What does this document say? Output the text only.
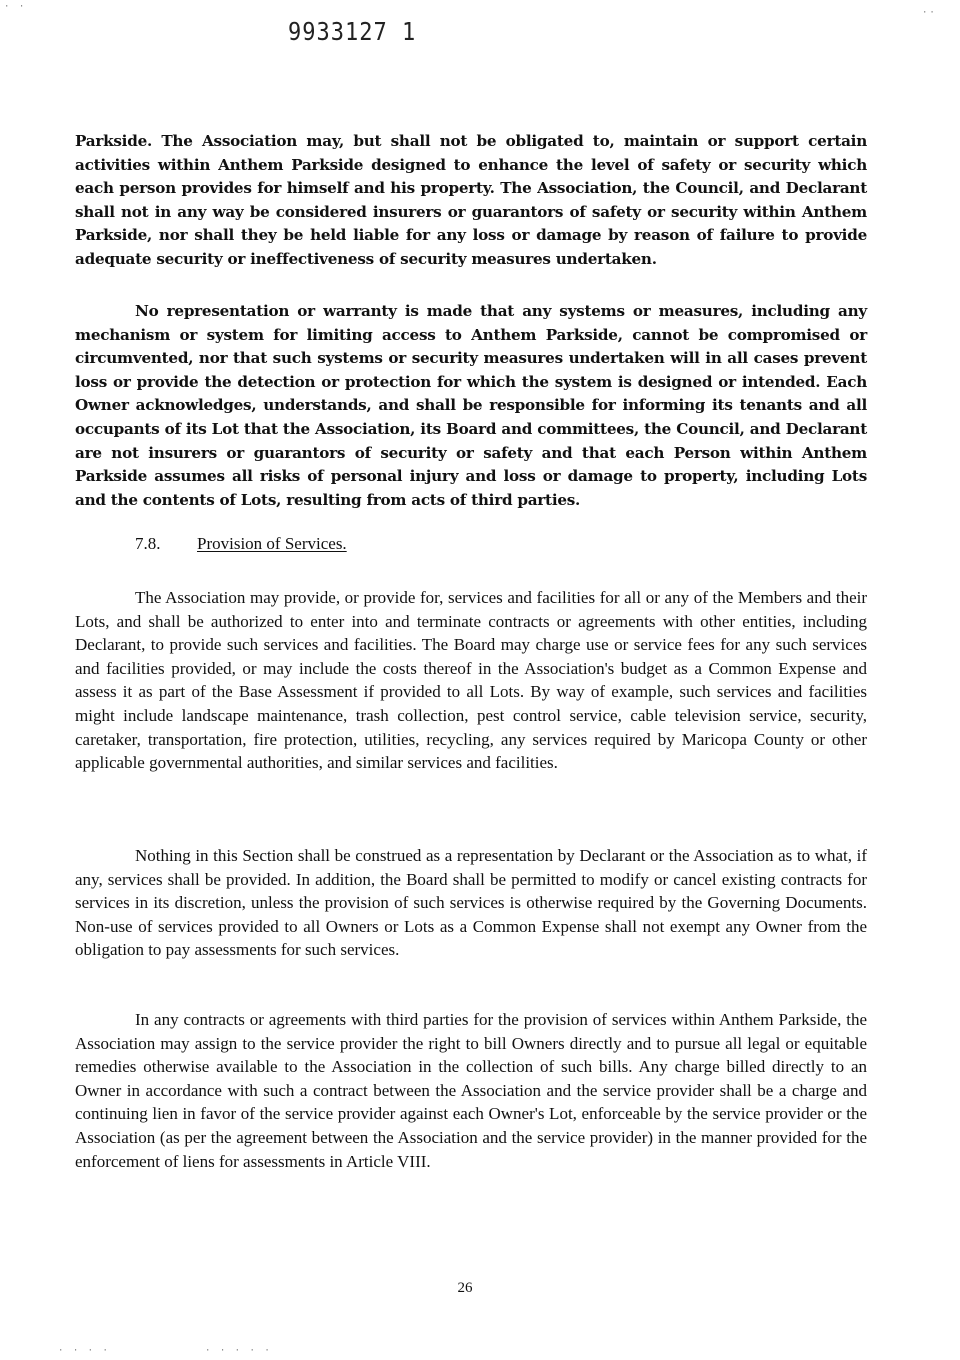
9933127 1

Parkside. The Association may, but shall not be obligated to, maintain or support certain activities within Anthem Parkside designed to enhance the level of safety or security which each person provides for himself and his property. The Association, the Council, and Declarant shall not in any way be considered insurers or guarantors of safety or security within Anthem Parkside, nor shall they be held liable for any loss or damage by reason of failure to provide adequate security or ineffectiveness of security measures undertaken.

No representation or warranty is made that any systems or measures, including any mechanism or system for limiting access to Anthem Parkside, cannot be compromised or circumvented, nor that such systems or security measures undertaken will in all cases prevent loss or provide the detection or protection for which the system is designed or intended. Each Owner acknowledges, understands, and shall be responsible for informing its tenants and all occupants of its Lot that the Association, its Board and committees, the Council, and Declarant are not insurers or guarantors of security or safety and that each Person within Anthem Parkside assumes all risks of personal injury and loss or damage to property, including Lots and the contents of Lots, resulting from acts of third parties.

7.8. Provision of Services.

The Association may provide, or provide for, services and facilities for all or any of the Members and their Lots, and shall be authorized to enter into and terminate contracts or agreements with other entities, including Declarant, to provide such services and facilities. The Board may charge use or service fees for any such services and facilities provided, or may include the costs thereof in the Association's budget as a Common Expense and assess it as part of the Base Assessment if provided to all Lots. By way of example, such services and facilities might include landscape maintenance, trash collection, pest control service, cable television service, security, caretaker, transportation, fire protection, utilities, recycling, any services required by Maricopa County or other applicable governmental authorities, and similar services and facilities.

Nothing in this Section shall be construed as a representation by Declarant or the Association as to what, if any, services shall be provided. In addition, the Board shall be permitted to modify or cancel existing contracts for services in its discretion, unless the provision of such services is otherwise required by the Governing Documents. Non-use of services provided to all Owners or Lots as a Common Expense shall not exempt any Owner from the obligation to pay assessments for such services.

In any contracts or agreements with third parties for the provision of services within Anthem Parkside, the Association may assign to the service provider the right to bill Owners directly and to pursue all legal or equitable remedies otherwise available to the Association in the collection of such bills. Any charge billed directly to an Owner in accordance with such a contract between the Association and the service provider shall be a charge and continuing lien in favor of the service provider against each Owner's Lot, enforceable by the service provider or the Association (as per the agreement between the Association and the service provider) in the manner provided for the enforcement of liens for assessments in Article VIII.

26
· ·
··
· · · ·	· · · · ·
